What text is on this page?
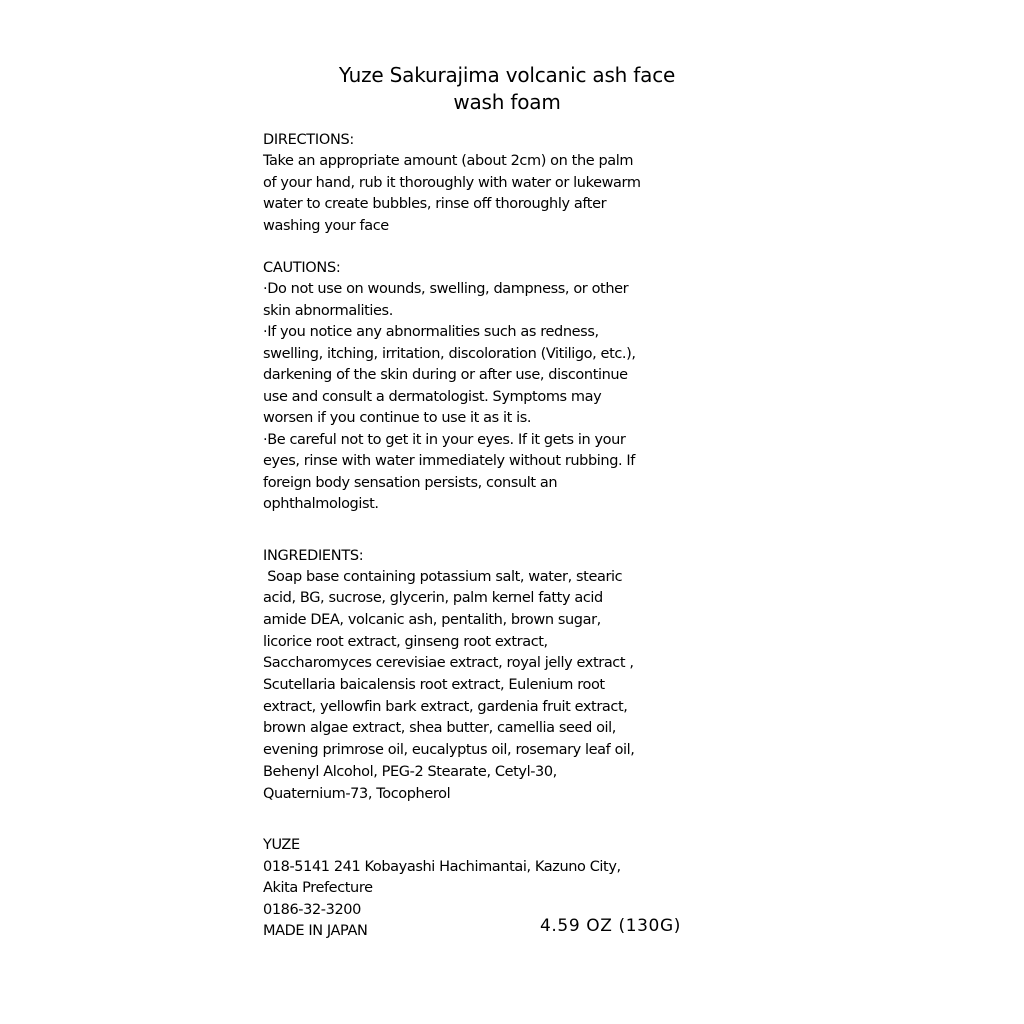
Yuze Sakurajima volcanic ash face
wash foam
DIRECTIONS:
Take an appropriate amount (about 2cm) on the palm
of your hand, rub it thoroughly with water or lukewarm
water to create bubbles, rinse off thoroughly after
washing your face
CAUTIONS:
·Do not use on wounds, swelling, dampness, or other
skin abnormalities.
·If you notice any abnormalities such as redness,
swelling, itching, irritation, discoloration (Vitiligo, etc.),
darkening of the skin during or after use, discontinue
use and consult a dermatologist. Symptoms may
worsen if you continue to use it as it is.
·Be careful not to get it in your eyes. If it gets in your
eyes, rinse with water immediately without rubbing. If
foreign body sensation persists, consult an
ophthalmologist.
INGREDIENTS:
Soap base containing potassium salt, water, stearic
acid, BG, sucrose, glycerin, palm kernel fatty acid
amide DEA, volcanic ash, pentalith, brown sugar,
licorice root extract, ginseng root extract,
Saccharomyces cerevisiae extract, royal jelly extract ,
Scutellaria baicalensis root extract, Eulenium root
extract, yellowfin bark extract, gardenia fruit extract,
brown algae extract, shea butter, camellia seed oil,
evening primrose oil, eucalyptus oil, rosemary leaf oil,
Behenyl Alcohol, PEG-2 Stearate, Cetyl-30,
Quaternium-73, Tocopherol
YUZE
018-5141 241 Kobayashi Hachimantai, Kazuno City,
Akita Prefecture
0186-32-3200
MADE IN JAPAN	4.59 OZ (130G)
